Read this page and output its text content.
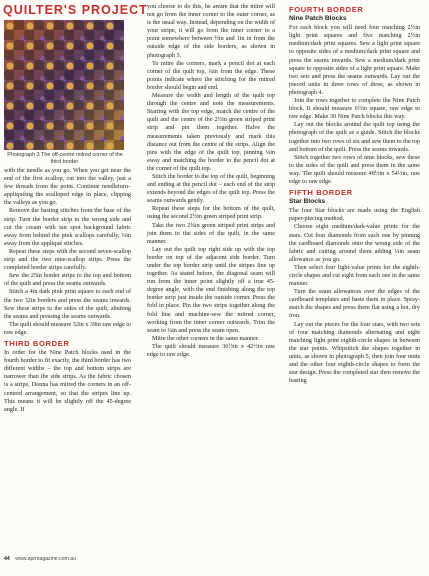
QUILTER'S PROJECT
Photograph 3 The off-centre mitred corner of the third border.

with the needle as you go. When you get near the end of the first scallop, cut into the valley, just a few threads from the point. Continue needleturn–appliquéing the scalloped edge in place, clipping the valleys as you go.

Remove the basting stitches from the base of the strip. Turn the border strip to the wrong side and cut the cream with tan spot background fabric away from behind the pink scallops carefully, ¼in away from the appliqué stitches.

Repeat these steps with the second seven-scallop strip and the two nine-scallop strips. Press the completed border strips carefully.

Sew the 25in border strips to the top and bottom of the quilt and press the seams outwards.

Stitch a 4in dark pink print square to each end of the two 32in borders and press the seams inwards. Sew these strips to the sides of the quilt, abutting the seams and pressing the seams outwards.

The quilt should measure 32in x 39in raw edge to raw edge.

THIRD BORDER

In order for the Nine Patch blocks used in the fourth border to fit exactly, the third border has two different widths – the top and bottom strips are narrower than the side strips. As the fabric chosen is a stripe, Donna has mitred the corners in an off-centred arrangement, so that the stripes line up. This means it will be slightly off the 45-degree angle. If

you choose to do this, be aware that the mitre will not go from the inner corner to the outer corner, as is the usual way. Instead, depending on the width of your stripe, it will go from the inner corner to a point somewhere between ½in and 1in in from the outside edge of the side borders, as shown in photograph 3.

To mitre the corners, mark a pencil dot at each corner of the quilt top, ¼in from the edge. These points indicate where the stitching for the mitred border should begin and end.

Measure the width and length of the quilt top through the centre and note the measurements. Starting with the top edge, match the centre of the quilt and the centre of the 2½in green striped print strip and pin them together. Halve the measurements taken previously and mark this distance out from the centre of the strips. Align the pins with the edge of the quilt top, pinning ¼in away and matching the border to the pencil dot at the corner of the quilt top.

Stitch the border to the top of the quilt, beginning and ending at the pencil dot – each end of the strip extends beyond the edges of the quilt top. Press the seams outwards gently.

Repeat these steps for the bottom of the quilt, using the second 2½in green striped print strip.

Take the two 2¾in green striped print strips and join them to the sides of the quilt, in the same manner.

Lay out the quilt top right side up with the top border on top of the adjacent side border. Turn under the top border strip until the stripes line up together. As stated before, the diagonal seam will run from the inner point slightly off a true 45-degree angle, with the end finishing along the top border strip just inside the outside corner. Press the fold in place. Pin the two strips together along the fold line and machine-sew the mitred corner, working from the inner corner outwards. Trim the seam to ¼in and press the seam open.

Mitre the other corners in the same manner.

The quilt should measure 36½in x 42½in raw edge to raw edge.

FOURTH BORDER
Nine Patch Blocks

For each block you will need four matching 2½in light print squares and five matching 2½in medium/dark print squares. Sew a light print square to opposite sides of a medium/dark print square and press the seams inwards. Sew a medium/dark print square to opposite sides of a light print square. Make two sets and press the seams outwards. Lay out the pieced units in three rows of three, as shown in photograph 4.

Join the rows together to complete the Nine Patch block. It should measure 6½in square, raw edge to raw edge. Make 30 Nine Patch blocks this way.

Lay out the blocks around the quilt top using the photograph of the quilt as a guide. Stitch the blocks together into two rows of six and sew them to the top and bottom of the quilt. Press the seams inwards.

Stitch together two rows of nine blocks, sew these to the sides of the quilt and press them in the same way. The quilt should measure 48½in x 54½in, raw edge to raw edge.

FIFTH BORDER
Star Blocks

The four Star blocks are made using the English paper-piecing method.

Choose eight medium/dark-value prints for the stars. Cut four diamonds from each one by pinning the cardboard diamonds onto the wrong side of the fabric and cutting around them adding ¼in seam allowance as you go.

Then select four light-value prints for the eighth-circle shapes and cut eight from each one in the same manner.

Turn the seam allowances over the edges of the cardboard templates and baste them in place. Spray-starch the shapes and press them flat using a hot, dry iron.

Lay out the pieces for the four stars, with two sets of four matching diamonds alternating and eight matching light print eighth-circle shapes in between the star points. Whipstitch the shapes together in units, as shown in photograph 5, then join four units and the other four eighth-circle shapes to form the star design. Press the completed star then remove the basting

44 www.aprmagazine.com.au
